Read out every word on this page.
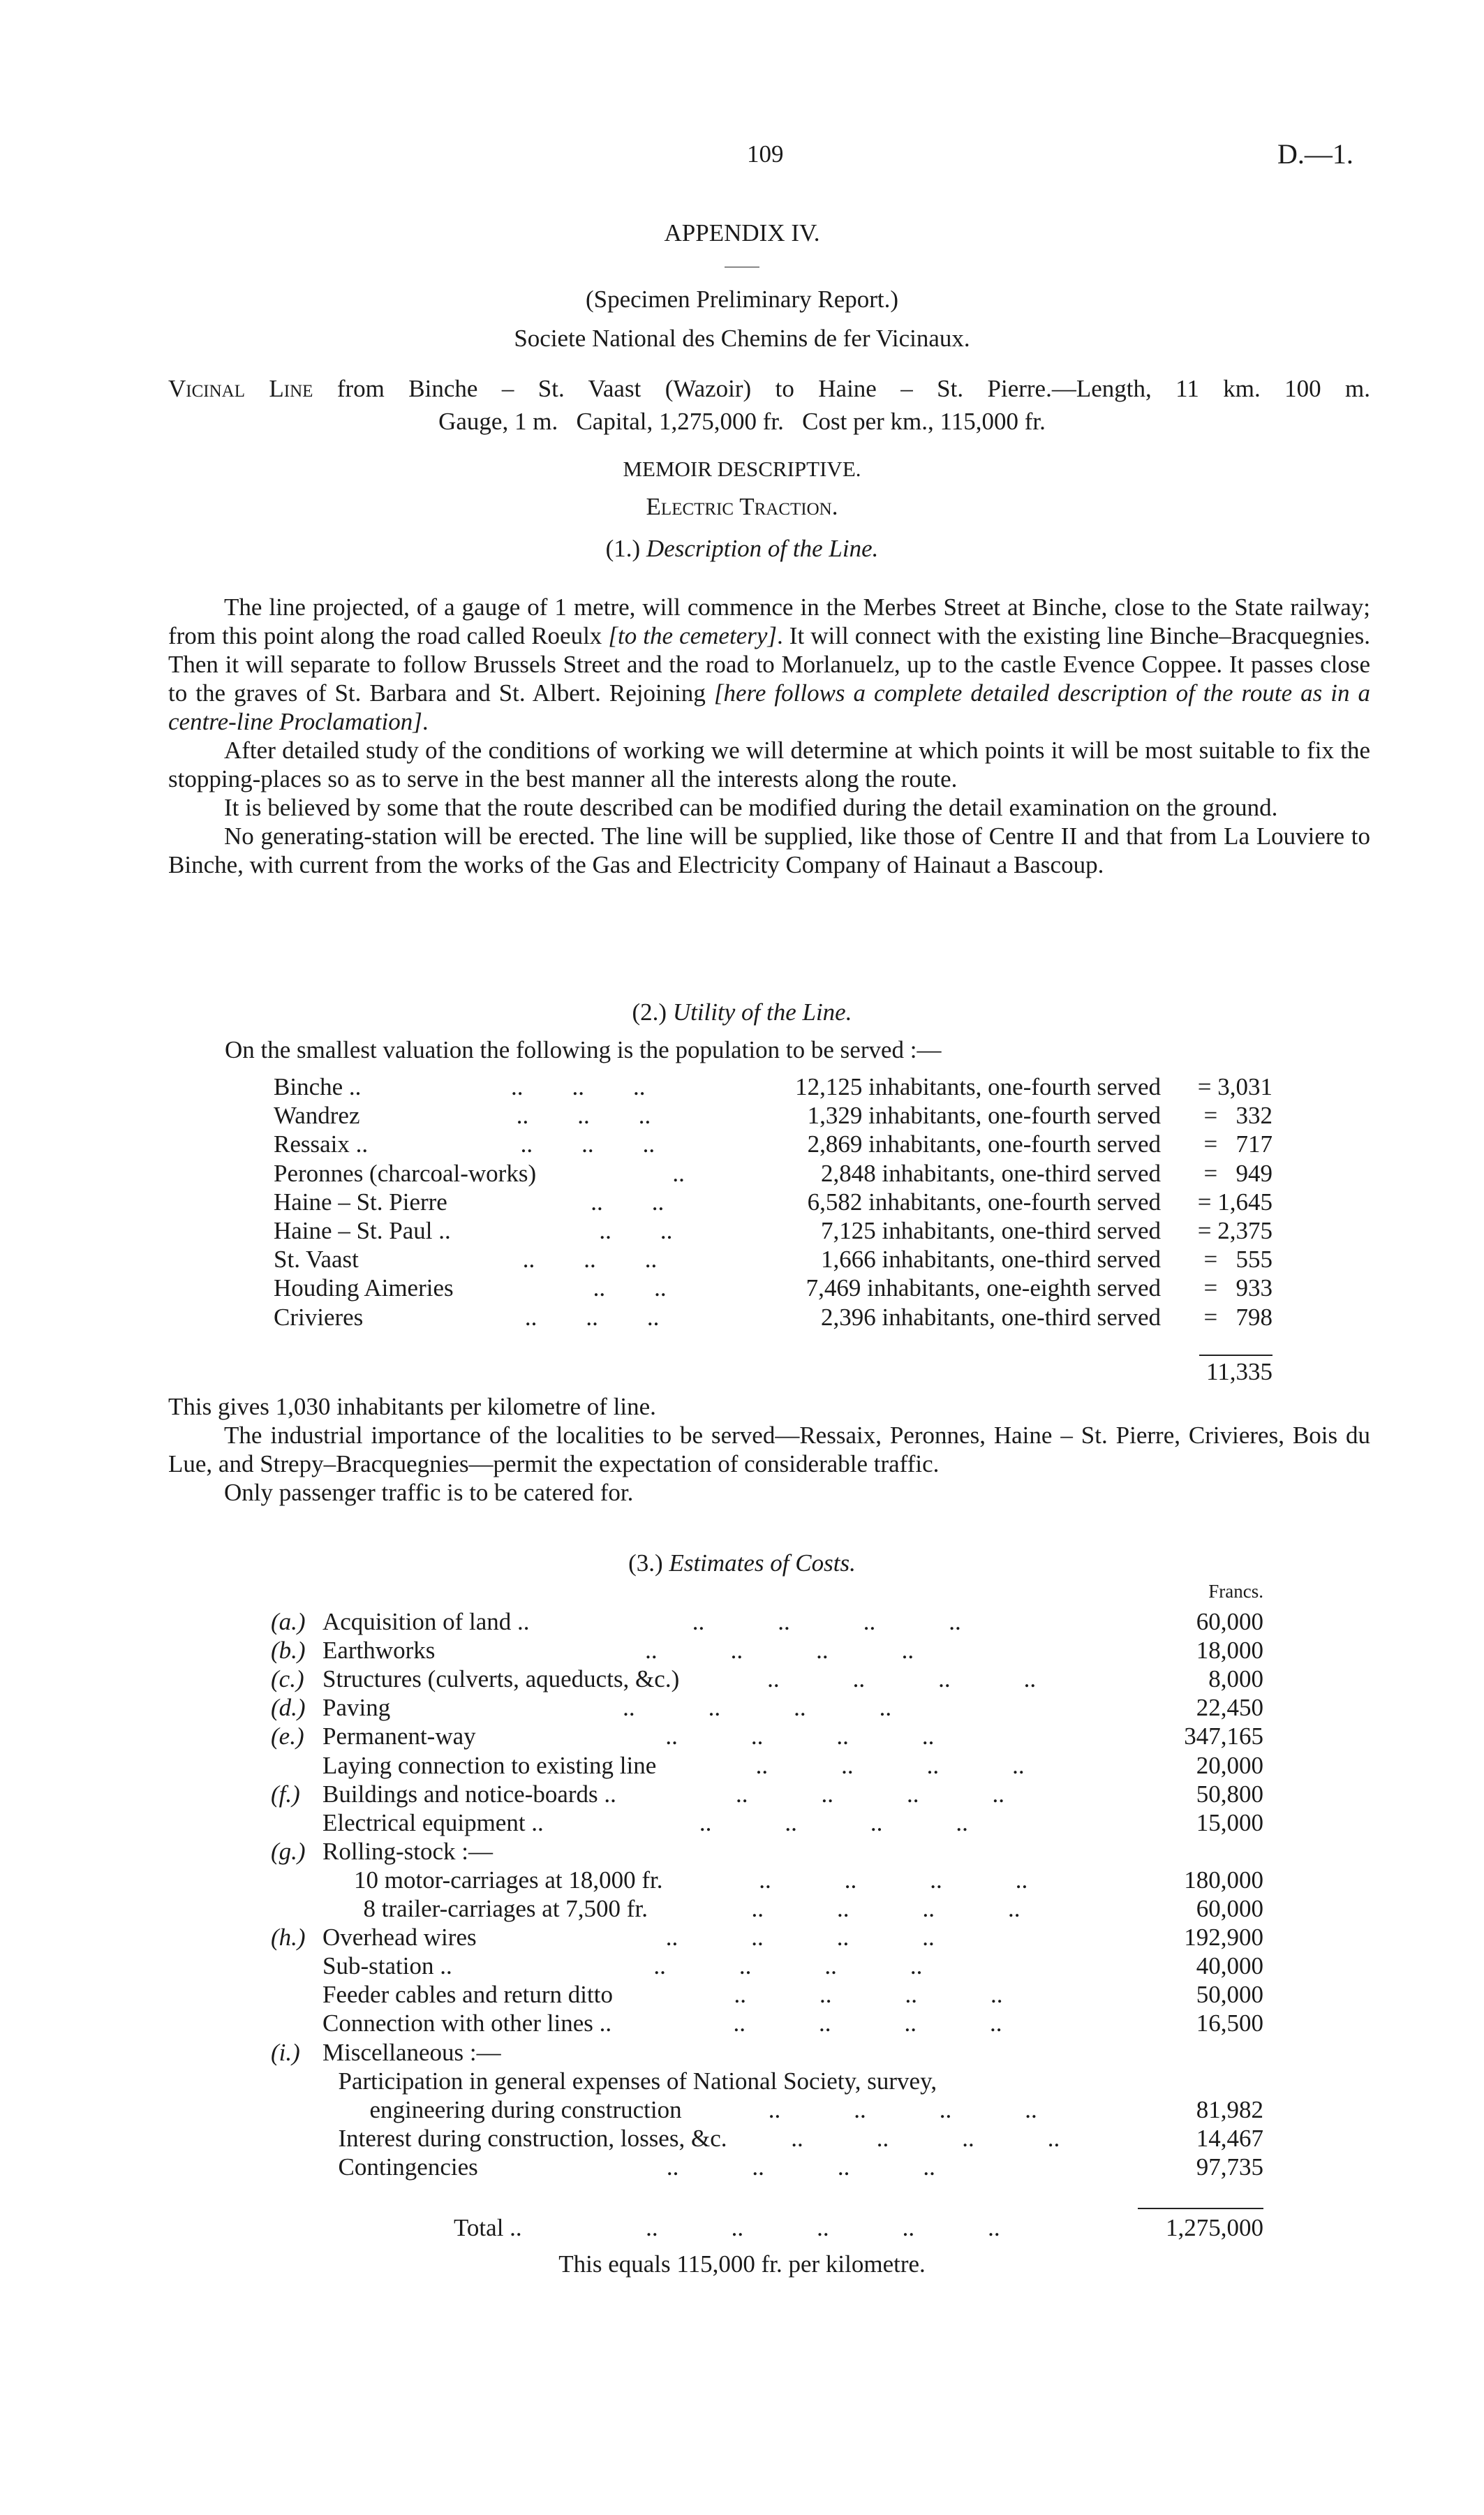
109	D.—1.
APPENDIX IV.
(Specimen Preliminary Report.)
Societe National des Chemins de fer Vicinaux.
Vicinal Line from Binche – St. Vaast (Wazoir) to Haine – St. Pierre.—Length, 11 km. 100 m.
Gauge, 1 m.   Capital, 1,275,000 fr.   Cost per km., 115,000 fr.
MEMOIR DESCRIPTIVE.
Electric Traction.
(1.) Description of the Line.

The line projected, of a gauge of 1 metre, will commence in the Merbes Street at Binche, close to the State railway; from this point along the road called Roeulx [to the cemetery]. It will connect with the existing line Binche–Bracquegnies. Then it will separate to follow Brussels Street and the road to Morlanuelz, up to the castle Evence Coppee. It passes close to the graves of St. Barbara and St. Albert. Rejoining [here follows a complete detailed description of the route as in a centre-line Proclamation].

After detailed study of the conditions of working we will determine at which points it will be most suitable to fix the stopping-places so as to serve in the best manner all the interests along the route.

It is believed by some that the route described can be modified during the detail examination on the ground.

No generating-station will be erected. The line will be supplied, like those of Centre II and that from La Louviere to Binche, with current from the works of the Gas and Electricity Company of Hainaut a Bascoup.

(2.) Utility of the Line.
On the smallest valuation the following is the population to be served :—
Binche ..	..        ..        ..	12,125 inhabitants, one-fourth served	= 3,031
Wandrez	..        ..        ..	1,329 inhabitants, one-fourth served	=   332
Ressaix ..	..        ..        ..	2,869 inhabitants, one-fourth served	=   717
Peronnes (charcoal-works)	..	2,848 inhabitants, one-third served	=   949
Haine – St. Pierre	..        ..	6,582 inhabitants, one-fourth served	= 1,645
Haine – St. Paul ..	..        ..	7,125 inhabitants, one-third served	= 2,375
St. Vaast	..        ..        ..	1,666 inhabitants, one-third served	=   555
Houding Aimeries	..        ..	7,469 inhabitants, one-eighth served	=   933
Crivieres	..        ..        ..	2,396 inhabitants, one-third served	=   798
11,335

This gives 1,030 inhabitants per kilometre of line.

The industrial importance of the localities to be served—Ressaix, Peronnes, Haine – St. Pierre, Crivieres, Bois du Lue, and Strepy–Bracquegnies—permit the expectation of considerable traffic.

Only passenger traffic is to be catered for.

(3.) Estimates of Costs.
Francs.
(a.) Acquisition of land ..	..            ..            ..            ..	60,000
(b.) Earthworks	..            ..            ..            ..	18,000
(c.) Structures (culverts, aqueducts, &c.)	..            ..            ..            ..	8,000
(d.) Paving	..            ..            ..            ..	22,450
(e.) Permanent-way	..            ..            ..            ..	347,165
Laying connection to existing line	..            ..            ..            ..	20,000
(f.) Buildings and notice-boards ..	..            ..            ..            ..	50,800
Electrical equipment ..	..            ..            ..            ..	15,000
(g.) Rolling-stock :—
10 motor-carriages at 18,000 fr.	..            ..            ..            ..	180,000
8 trailer-carriages at 7,500 fr.	..            ..            ..            ..	60,000
(h.) Overhead wires	..            ..            ..            ..	192,900
Sub-station ..	..            ..            ..            ..	40,000
Feeder cables and return ditto	..            ..            ..            ..	50,000
Connection with other lines ..	..            ..            ..            ..	16,500
(i.) Miscellaneous :—
Participation in general expenses of National Society, survey,
engineering during construction	..            ..            ..            ..	81,982
Interest during construction, losses, &c.	..            ..            ..            ..	14,467
Contingencies	..            ..            ..            ..	97,735
Total ..	..            ..            ..            ..            ..	1,275,000
This equals 115,000 fr. per kilometre.
